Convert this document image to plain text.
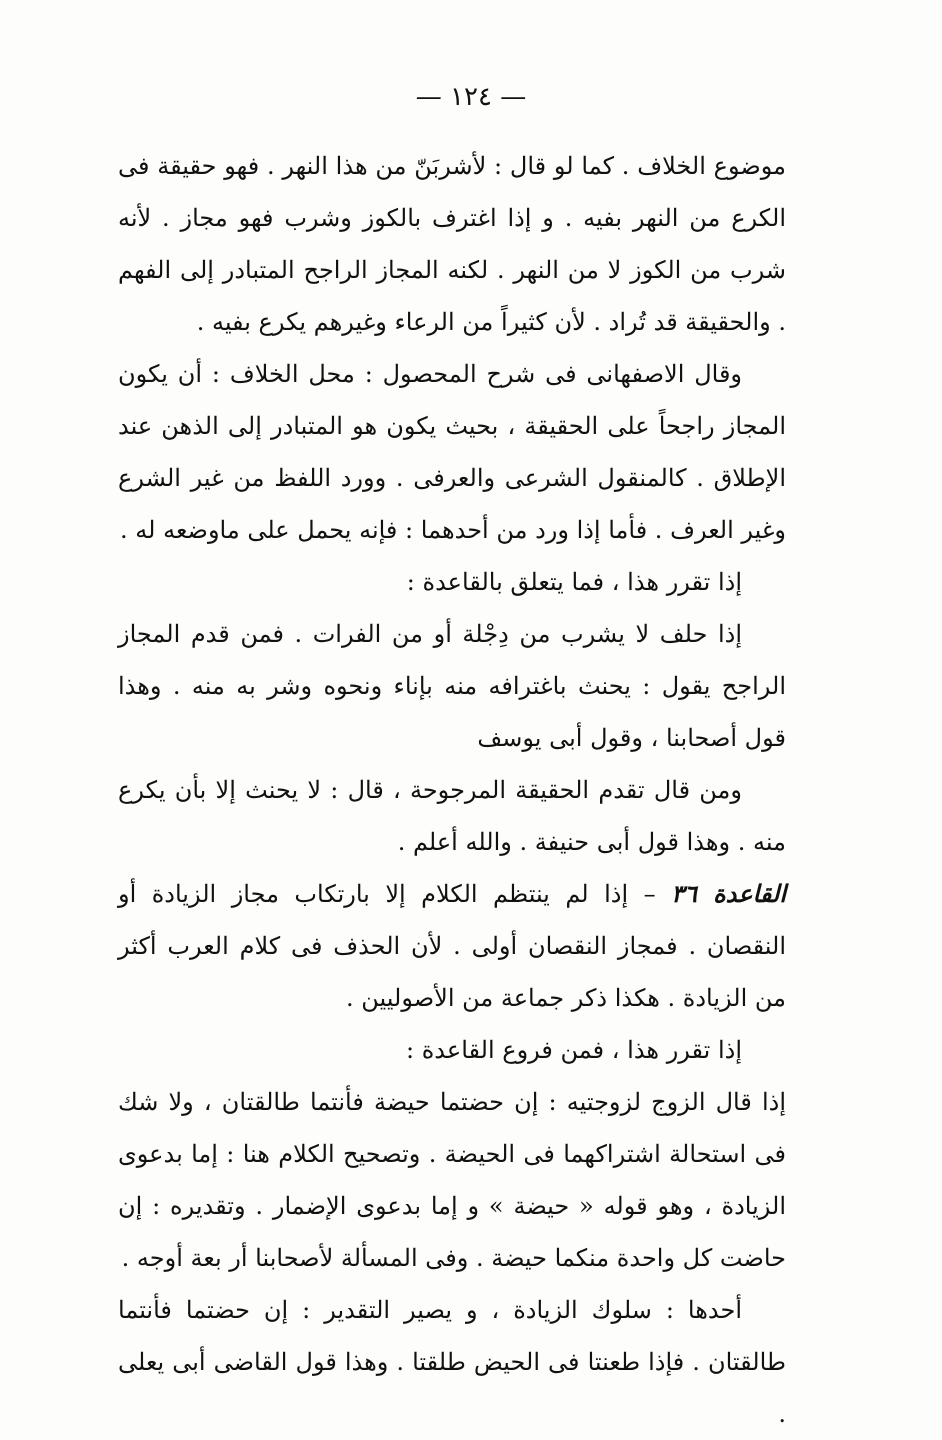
— ١٢٤ —

موضوع الخلاف . كما لو قال : لأشربَنّ من هذا النهر . فهو حقيقة فى الكرع من النهر بفيه . و إذا اغترف بالكوز وشرب فهو مجاز . لأنه شرب من الكوز لا من النهر . لكنه المجاز الراجح المتبادر إلى الفهم . والحقيقة قد تُراد . لأن كثيراً من الرعاء وغيرهم يكرع بفيه .

وقال الاصفهانى فى شرح المحصول : محل الخلاف : أن يكون المجاز راجحاً على الحقيقة ، بحيث يكون هو المتبادر إلى الذهن عند الإطلاق . كالمنقول الشرعى والعرفى . وورد اللفظ من غير الشرع وغير العرف . فأما إذا ورد من أحدهما : فإنه يحمل على ماوضعه له .

إذا تقرر هذا ، فما يتعلق بالقاعدة :

إذا حلف لا يشرب من دِجْلة أو من الفرات . فمن قدم المجاز الراجح يقول : يحنث باغترافه منه بإناء ونحوه وشر به منه . وهذا قول أصحابنا ، وقول أبى يوسف

ومن قال تقدم الحقيقة المرجوحة ، قال : لا يحنث إلا بأن يكرع منه . وهذا قول أبى حنيفة . والله أعلم .

القاعدة ٣٦ – إذا لم ينتظم الكلام إلا بارتكاب مجاز الزيادة أو النقصان . فمجاز النقصان أولى . لأن الحذف فى كلام العرب أكثر من الزيادة . هكذا ذكر جماعة من الأصوليين .

إذا تقرر هذا ، فمن فروع القاعدة :

إذا قال الزوج لزوجتيه : إن حضتما حيضة فأنتما طالقتان ، ولا شك فى استحالة اشتراكهما فى الحيضة . وتصحيح الكلام هنا : إما بدعوى الزيادة ، وهو قوله « حيضة » و إما بدعوى الإضمار . وتقديره : إن حاضت كل واحدة منكما حيضة . وفى المسألة لأصحابنا أر بعة أوجه .

أحدها : سلوك الزيادة ، و يصير التقدير : إن حضتما فأنتما طالقتان . فإذا طعنتا فى الحيض طلقتا . وهذا قول القاضى أبى يعلى .
